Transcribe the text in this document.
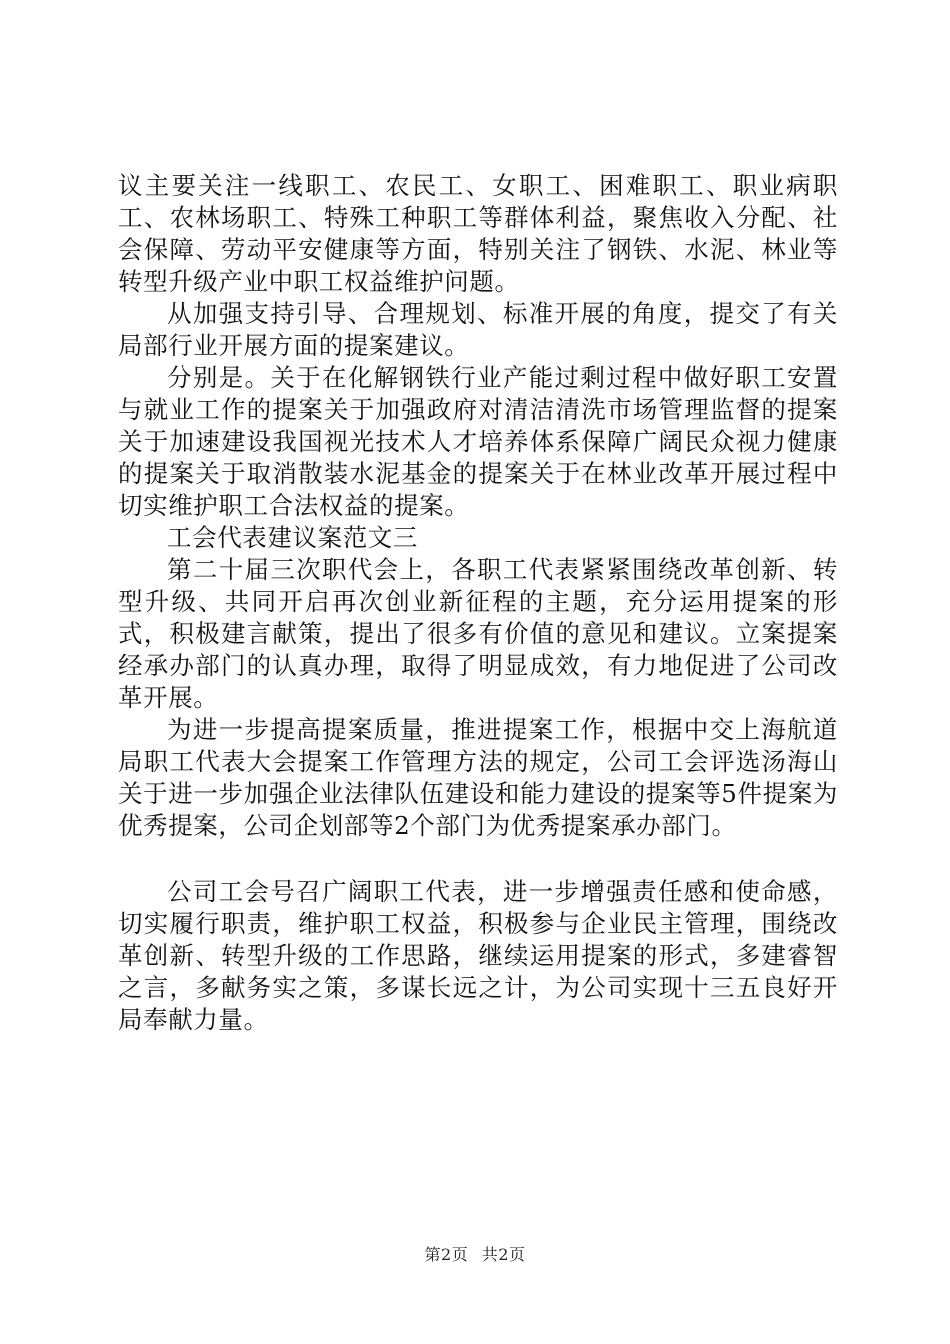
议主要关注一线职工、农民工、女职工、困难职工、职业病职工、农林场职工、特殊工种职工等群体利益，聚焦收入分配、社会保障、劳动平安健康等方面，特别关注了钢铁、水泥、林业等转型升级产业中职工权益维护问题。

从加强支持引导、合理规划、标准开展的角度，提交了有关局部行业开展方面的提案建议。

分别是。关于在化解钢铁行业产能过剩过程中做好职工安置与就业工作的提案关于加强政府对清洁清洗市场管理监督的提案关于加速建设我国视光技术人才培养体系保障广阔民众视力健康的提案关于取消散装水泥基金的提案关于在林业改革开展过程中切实维护职工合法权益的提案。

工会代表建议案范文三

第二十届三次职代会上，各职工代表紧紧围绕改革创新、转型升级、共同开启再次创业新征程的主题，充分运用提案的形式，积极建言献策，提出了很多有价值的意见和建议。立案提案经承办部门的认真办理，取得了明显成效，有力地促进了公司改革开展。

为进一步提高提案质量，推进提案工作，根据中交上海航道局职工代表大会提案工作管理方法的规定，公司工会评选汤海山关于进一步加强企业法律队伍建设和能力建设的提案等5件提案为优秀提案，公司企划部等2个部门为优秀提案承办部门。

公司工会号召广阔职工代表，进一步增强责任感和使命感，切实履行职责，维护职工权益，积极参与企业民主管理，围绕改革创新、转型升级的工作思路，继续运用提案的形式，多建睿智之言，多献务实之策，多谋长远之计，为公司实现十三五良好开局奉献力量。

第2页 共2页
